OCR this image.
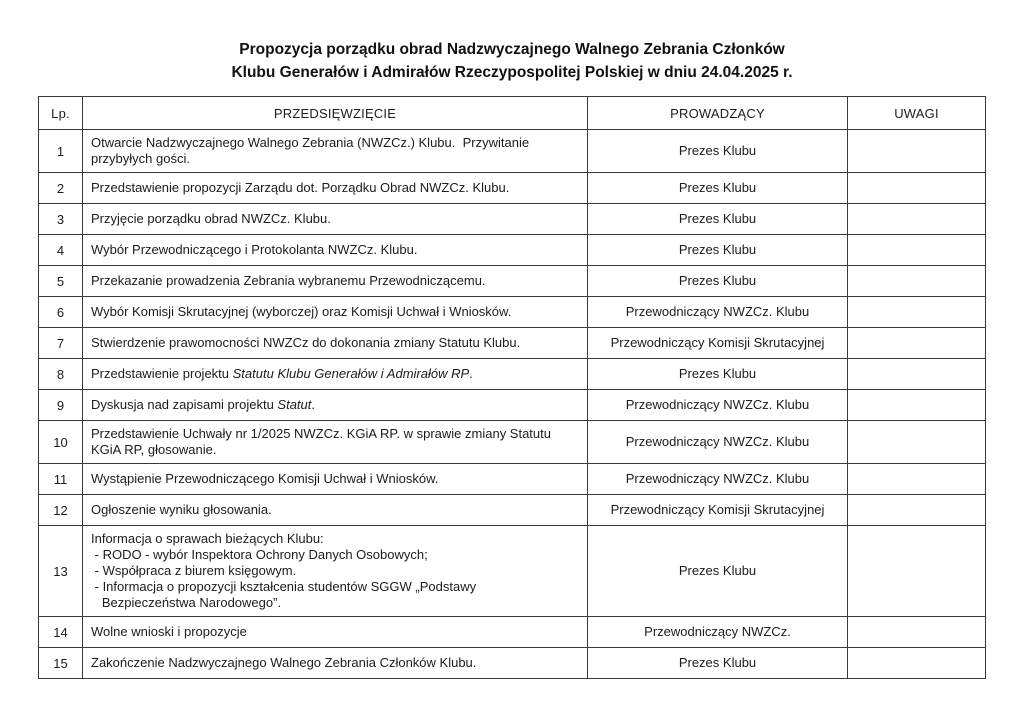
Propozycja porządku obrad Nadzwyczajnego Walnego Zebrania Członków
Klubu Generałów i Admirałów Rzeczypospolitej Polskiej w dniu 24.04.2025 r.
Lp.	PRZEDSIĘWZIĘCIE	PROWADZĄCY	UWAGI
1	Otwarcie Nadzwyczajnego Walnego Zebrania (NWZCz.) Klubu.  Przywitanie przybyłych gości.	Prezes Klubu	
2	Przedstawienie propozycji Zarządu dot. Porządku Obrad NWZCz. Klubu.	Prezes Klubu	
3	Przyjęcie porządku obrad NWZCz. Klubu.	Prezes Klubu	
4	Wybór Przewodniczącego i Protokolanta NWZCz. Klubu.	Prezes Klubu	
5	Przekazanie prowadzenia Zebrania wybranemu Przewodniczącemu.	Prezes Klubu	
6	Wybór Komisji Skrutacyjnej (wyborczej) oraz Komisji Uchwał i Wniosków.	Przewodniczący NWZCz. Klubu	
7	Stwierdzenie prawomocności NWZCz do dokonania zmiany Statutu Klubu.	Przewodniczący Komisji Skrutacyjnej	
8	Przedstawienie projektu Statutu Klubu Generałów i Admirałów RP.	Prezes Klubu	
9	Dyskusja nad zapisami projektu Statut.	Przewodniczący NWZCz. Klubu	
10	Przedstawienie Uchwały nr 1/2025 NWZCz. KGiA RP. w sprawie zmiany Statutu KGiA RP, głosowanie.	Przewodniczący NWZCz. Klubu	
11	Wystąpienie Przewodniczącego Komisji Uchwał i Wniosków.	Przewodniczący NWZCz. Klubu	
12	Ogłoszenie wyniku głosowania.	Przewodniczący Komisji Skrutacyjnej	
13	Informacja o sprawach bieżących Klubu:
- RODO - wybór Inspektora Ochrony Danych Osobowych;
- Współpraca z biurem księgowym.
- Informacja o propozycji kształcenia studentów SGGW „Podstawy
Bezpieczeństwa Narodowego”.	Prezes Klubu	
14	Wolne wnioski i propozycje	Przewodniczący NWZCz.	
15	Zakończenie Nadzwyczajnego Walnego Zebrania Członków Klubu.	Prezes Klubu	
